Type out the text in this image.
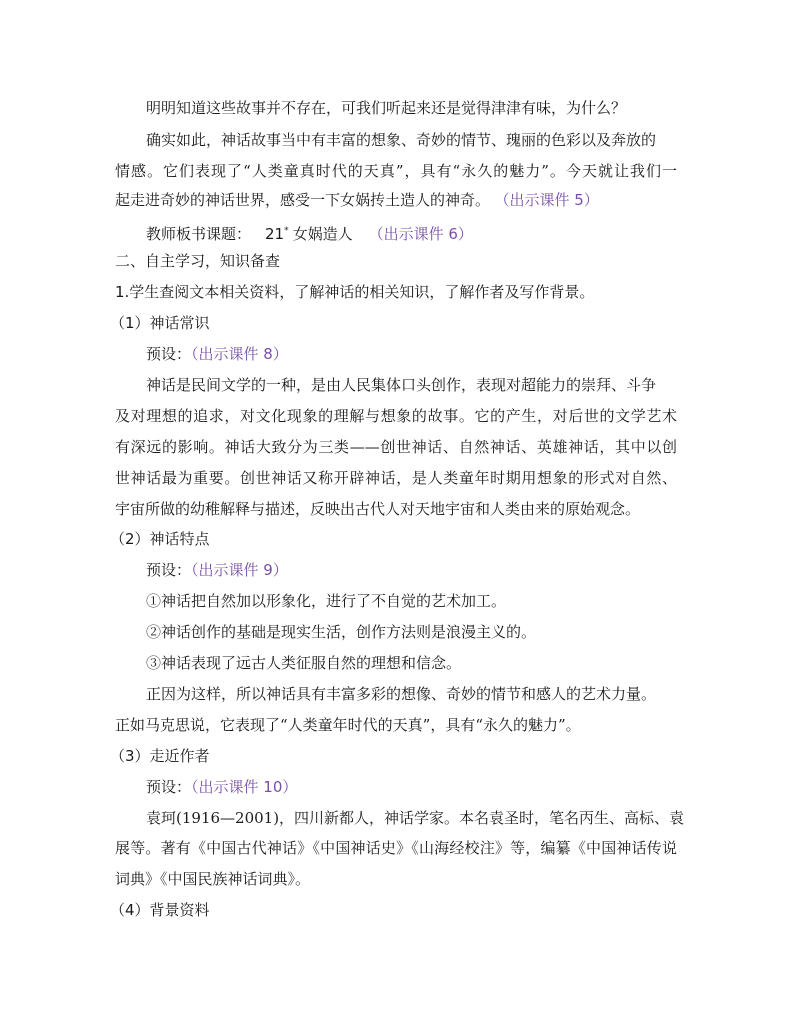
明明知道这些故事并不存在，可我们听起来还是觉得津津有味，为什么？
确实如此，神话故事当中有丰富的想象、奇妙的情节、瑰丽的色彩以及奔放的
情感。它们表现了“人类童真时代的天真”，具有“永久的魅力”。今天就让我们一
起走进奇妙的神话世界，感受一下女娲抟土造人的神奇。 （出示课件 5）
教师板书课题： 21* 女娲造人 （出示课件 6）
二、自主学习，知识备查
1.学生查阅文本相关资料，了解神话的相关知识，了解作者及写作背景。
（1）神话常识
预设：（出示课件 8）
神话是民间文学的一种，是由人民集体口头创作，表现对超能力的崇拜、斗争
及对理想的追求，对文化现象的理解与想象的故事。它的产生，对后世的文学艺术
有深远的影响。神话大致分为三类——创世神话、自然神话、英雄神话，其中以创
世神话最为重要。创世神话又称开辟神话，是人类童年时期用想象的形式对自然、
宇宙所做的幼稚解释与描述，反映出古代人对天地宇宙和人类由来的原始观念。
（2）神话特点
预设：（出示课件 9）
①神话把自然加以形象化，进行了不自觉的艺术加工。
②神话创作的基础是现实生活，创作方法则是浪漫主义的。
③神话表现了远古人类征服自然的理想和信念。
正因为这样，所以神话具有丰富多彩的想像、奇妙的情节和感人的艺术力量。
正如马克思说，它表现了“人类童年时代的天真”，具有“永久的魅力”。
（3）走近作者
预设：（出示课件 10）
袁珂(1916—2001)，四川新都人，神话学家。本名袁圣时，笔名丙生、高标、袁
展等。著有《中国古代神话》《中国神话史》《山海经校注》等，编纂《中国神话传说
词典》《中国民族神话词典》。
（4）背景资料
